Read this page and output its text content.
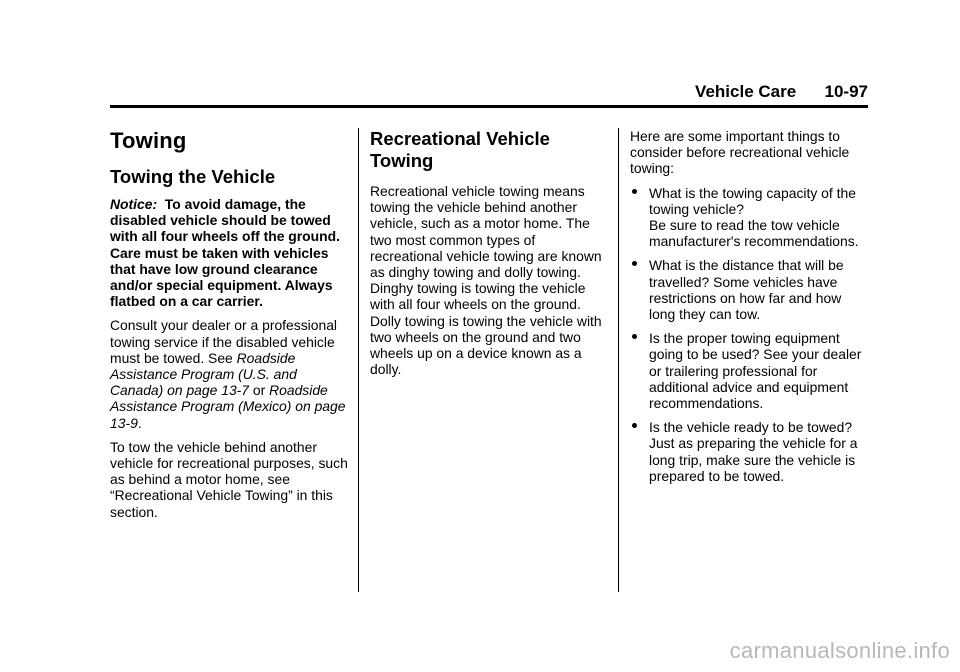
Vehicle Care 10-97
Towing
Towing the Vehicle

Notice: To avoid damage, the disabled vehicle should be towed with all four wheels off the ground. Care must be taken with vehicles that have low ground clearance and/or special equipment. Always flatbed on a car carrier.

Consult your dealer or a professional towing service if the disabled vehicle must be towed. See Roadside Assistance Program (U.S. and Canada) on page 13-7 or Roadside Assistance Program (Mexico) on page 13-9.

To tow the vehicle behind another vehicle for recreational purposes, such as behind a motor home, see “Recreational Vehicle Towing” in this section.

Recreational Vehicle Towing

Recreational vehicle towing means towing the vehicle behind another vehicle, such as a motor home. The two most common types of recreational vehicle towing are known as dinghy towing and dolly towing. Dinghy towing is towing the vehicle with all four wheels on the ground. Dolly towing is towing the vehicle with two wheels on the ground and two wheels up on a device known as a dolly.

Here are some important things to consider before recreational vehicle towing:

What is the towing capacity of the towing vehicle?
Be sure to read the tow vehicle manufacturer's recommendations.
What is the distance that will be travelled? Some vehicles have restrictions on how far and how long they can tow.
Is the proper towing equipment going to be used? See your dealer or trailering professional for additional advice and equipment recommendations.
Is the vehicle ready to be towed? Just as preparing the vehicle for a long trip, make sure the vehicle is prepared to be towed.
carmanualsonline.info
